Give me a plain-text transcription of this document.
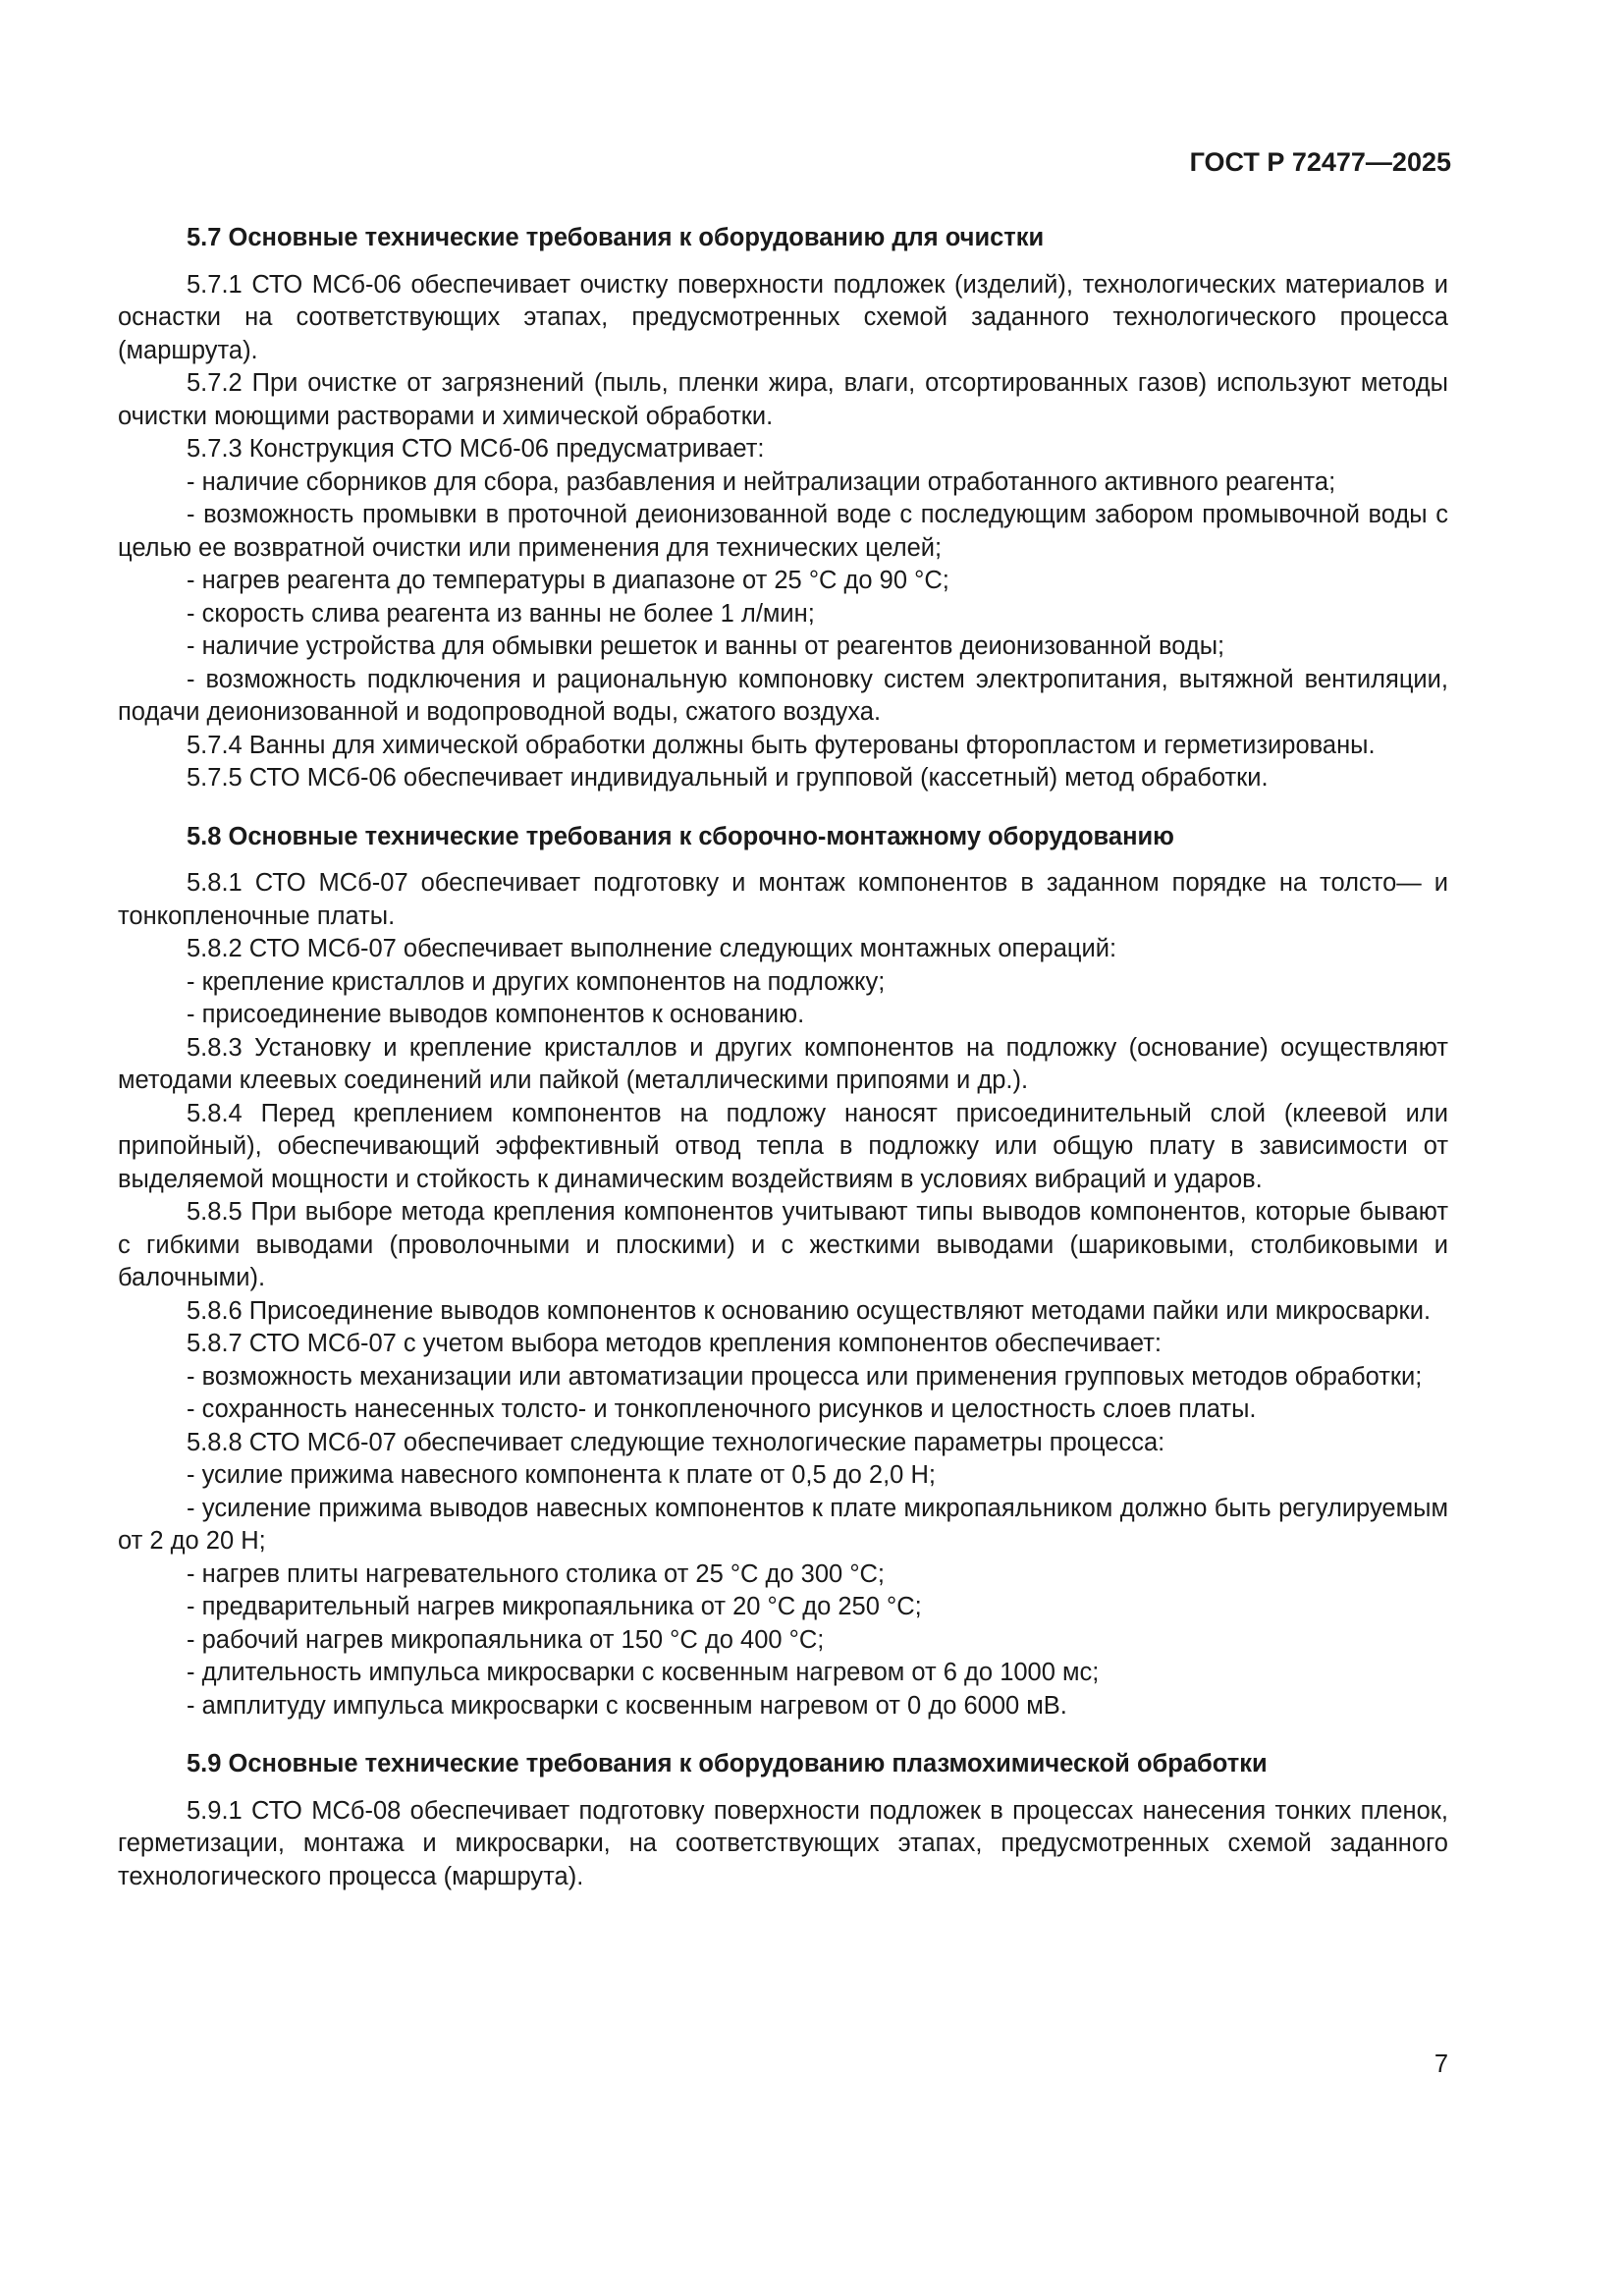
ГОСТ Р 72477—2025
5.7 Основные технические требования к оборудованию для очистки
5.7.1 СТО МСб-06 обеспечивает очистку поверхности подложек (изделий), технологических материалов и оснастки на соответствующих этапах, предусмотренных схемой заданного технологического процесса (маршрута).
5.7.2 При очистке от загрязнений (пыль, пленки жира, влаги, отсортированных газов) используют методы очистки моющими растворами и химической обработки.
5.7.3 Конструкция СТО МСб-06 предусматривает:
- наличие сборников для сбора, разбавления и нейтрализации отработанного активного реагента;
- возможность промывки в проточной деионизованной воде с последующим забором промывочной воды с целью ее возвратной очистки или применения для технических целей;
- нагрев реагента до температуры в диапазоне от 25 °С до 90 °С;
- скорость слива реагента из ванны не более 1 л/мин;
- наличие устройства для обмывки решеток и ванны от реагентов деионизованной воды;
- возможность подключения и рациональную компоновку систем электропитания, вытяжной вентиляции, подачи деионизованной и водопроводной воды, сжатого воздуха.
5.7.4 Ванны для химической обработки должны быть футерованы фторопластом и герметизированы.
5.7.5 СТО МСб-06 обеспечивает индивидуальный и групповой (кассетный) метод обработки.
5.8 Основные технические требования к сборочно-монтажному оборудованию
5.8.1 СТО МСб-07 обеспечивает подготовку и монтаж компонентов в заданном порядке на толсто— и тонкопленочные платы.
5.8.2 СТО МСб-07 обеспечивает выполнение следующих монтажных операций:
- крепление кристаллов и других компонентов на подложку;
- присоединение выводов компонентов к основанию.
5.8.3 Установку и крепление кристаллов и других компонентов на подложку (основание) осуществляют методами клеевых соединений или пайкой (металлическими припоями и др.).
5.8.4 Перед креплением компонентов на подложу наносят присоединительный слой (клеевой или припойный), обеспечивающий эффективный отвод тепла в подложку или общую плату в зависимости от выделяемой мощности и стойкость к динамическим воздействиям в условиях вибраций и ударов.
5.8.5 При выборе метода крепления компонентов учитывают типы выводов компонентов, которые бывают с гибкими выводами (проволочными и плоскими) и с жесткими выводами (шариковыми, столбиковыми и балочными).
5.8.6 Присоединение выводов компонентов к основанию осуществляют методами пайки или микросварки.
5.8.7 СТО МСб-07 с учетом выбора методов крепления компонентов обеспечивает:
- возможность механизации или автоматизации процесса или применения групповых методов обработки;
- сохранность нанесенных толсто- и тонкопленочного рисунков и целостность слоев платы.
5.8.8 СТО МСб-07 обеспечивает следующие технологические параметры процесса:
- усилие прижима навесного компонента к плате от 0,5 до 2,0 Н;
- усиление прижима выводов навесных компонентов к плате микропаяльником должно быть регулируемым от 2 до 20 Н;
- нагрев плиты нагревательного столика от 25 °С до 300 °С;
- предварительный нагрев микропаяльника от 20 °С до 250 °С;
- рабочий нагрев микропаяльника от 150 °С до 400 °С;
- длительность импульса микросварки с косвенным нагревом от 6 до 1000 мс;
- амплитуду импульса микросварки с косвенным нагревом от 0 до 6000 мВ.
5.9 Основные технические требования к оборудованию плазмохимической обработки
5.9.1 СТО МСб-08 обеспечивает подготовку поверхности подложек в процессах нанесения тонких пленок, герметизации, монтажа и микросварки, на соответствующих этапах, предусмотренных схемой заданного технологического процесса (маршрута).
7
